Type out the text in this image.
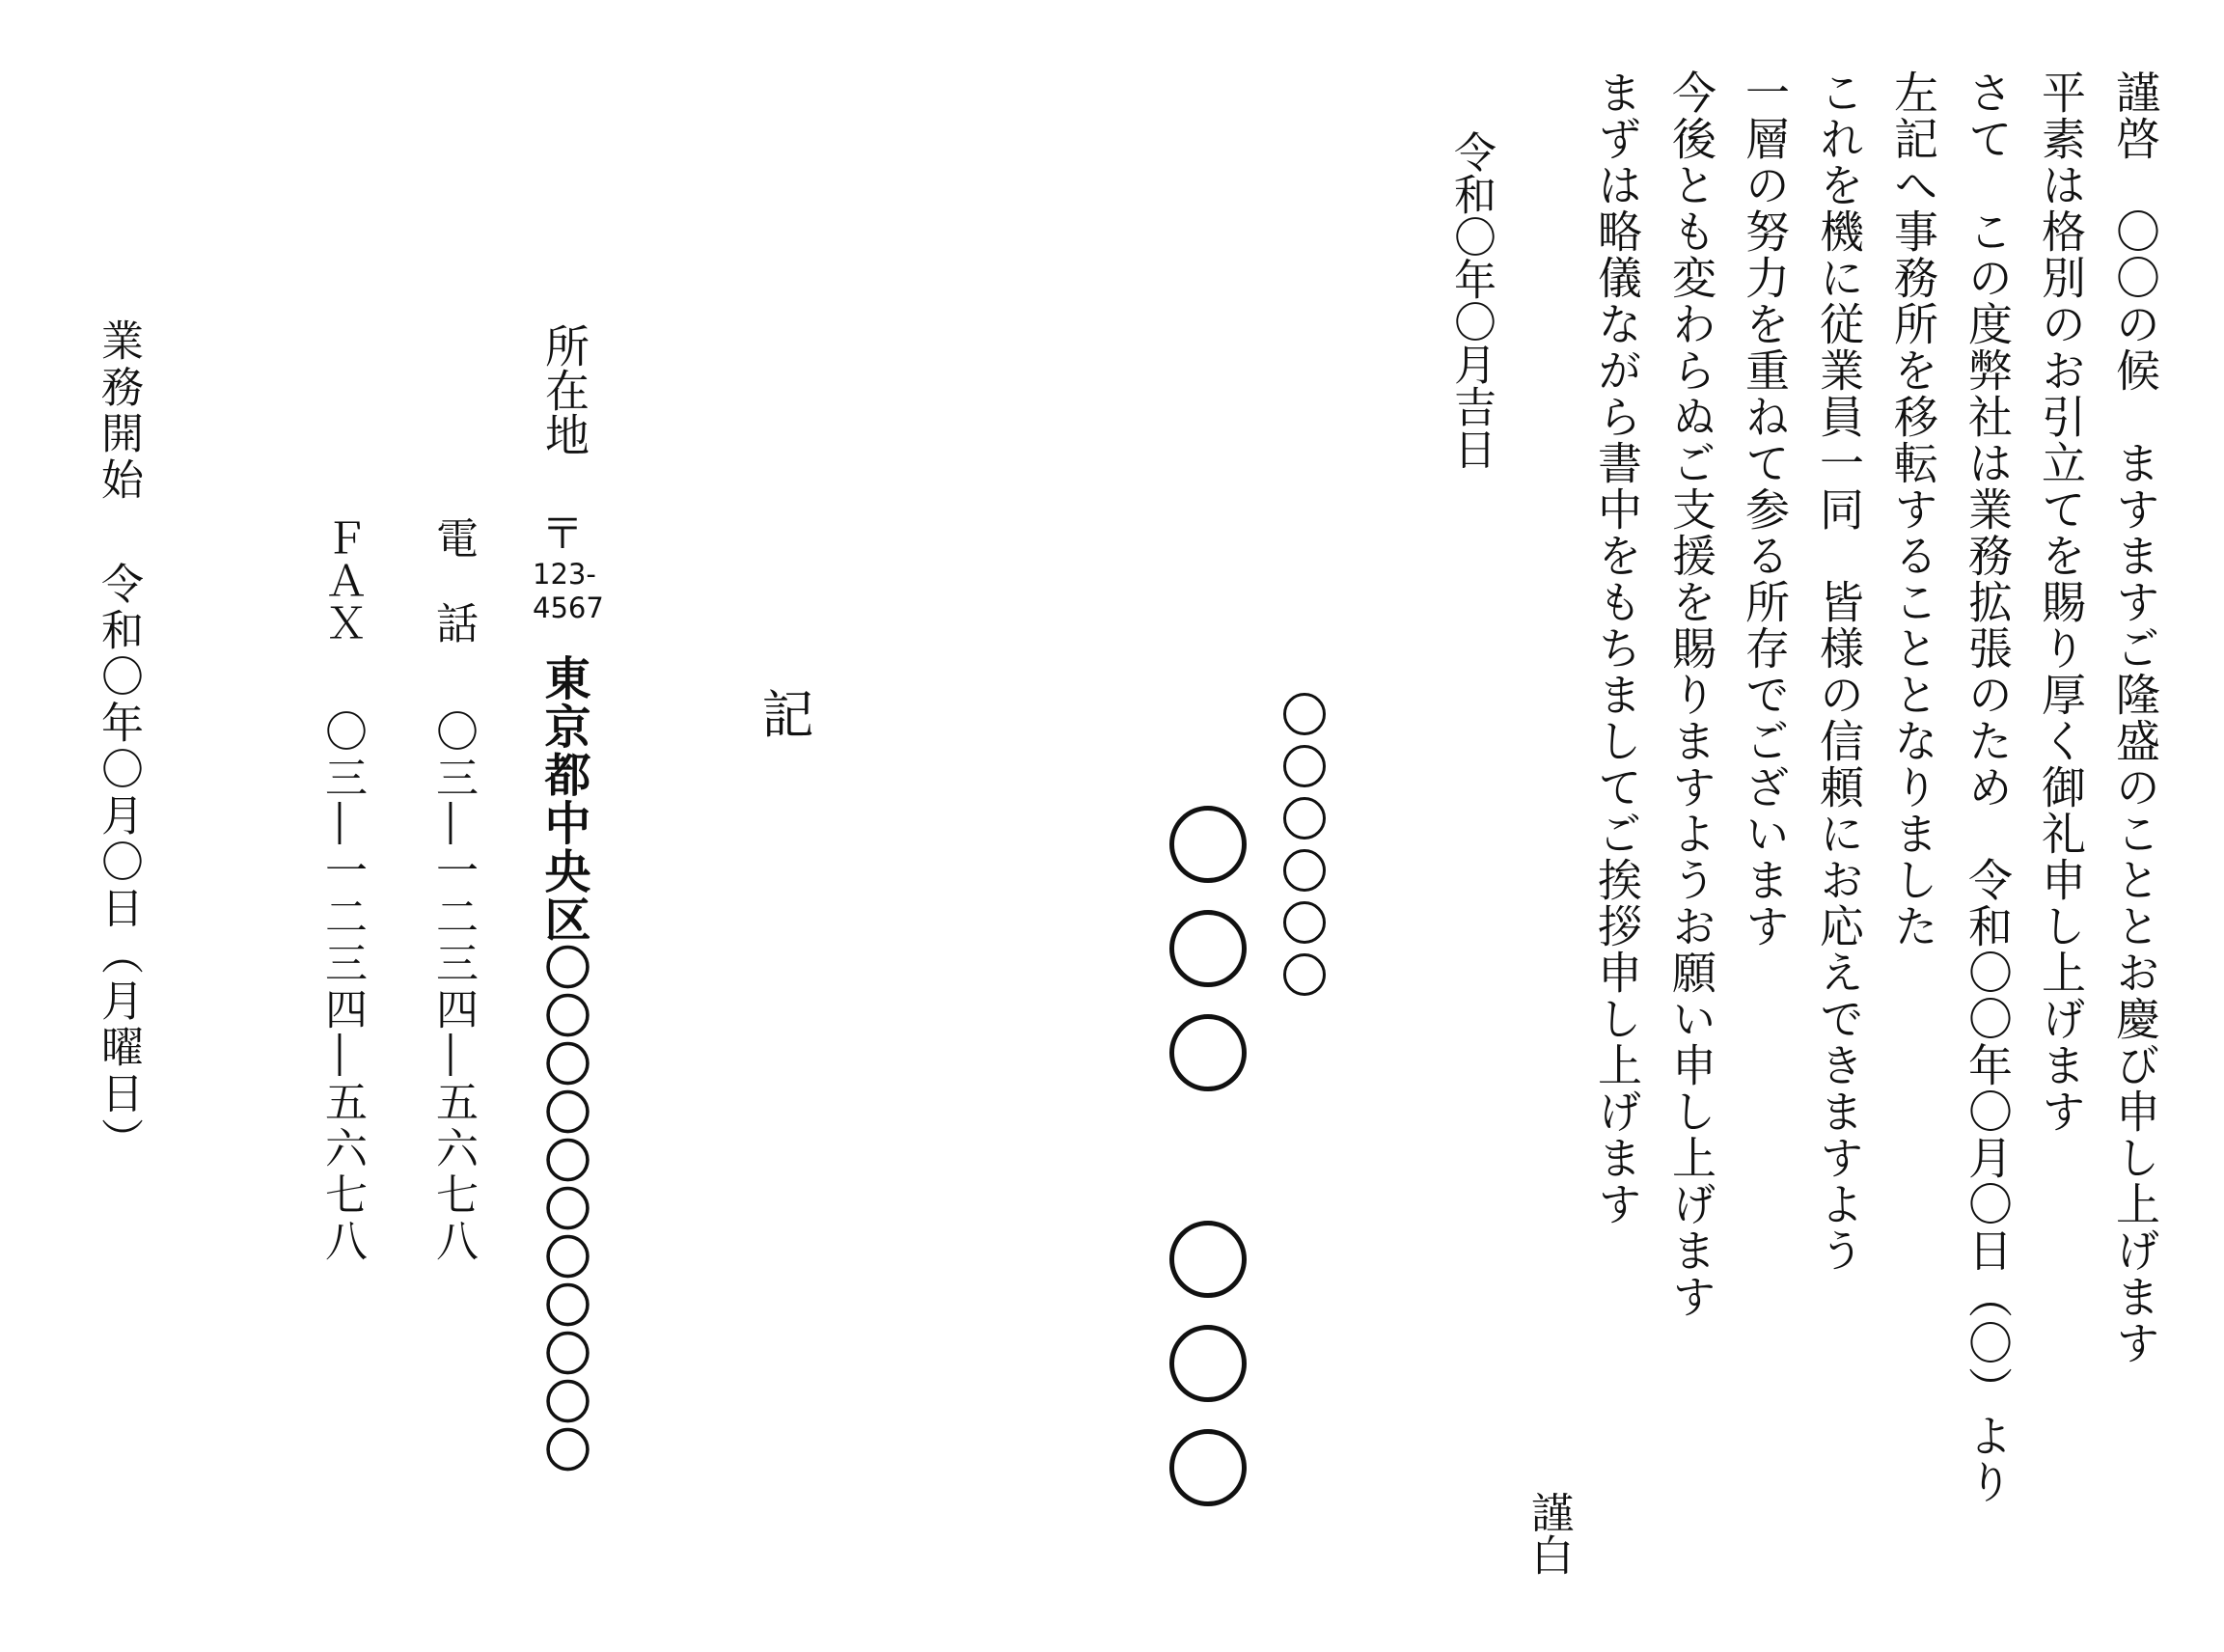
謹啓　〇〇の候　ますますご隆盛のこととお慶び申し上げます
平素は格別のお引立てを賜り厚く御礼申し上げます
さて　この度弊社は業務拡張のため　令和〇〇年〇月〇日（〇）より
左記へ事務所を移転することとなりました
これを機に従業員一同　皆様の信頼にお応えできますよう
一層の努力を重ねて参る所存でございます
今後とも変わらぬご支援を賜りますようお願い申し上げます
まずは略儀ながら書中をもちましてご挨拶申し上げます
謹白
令和〇年〇月吉日
記
所在地
〒
123-4567
東京都中央区〇〇〇〇〇〇〇〇〇〇〇
電　話
〇三―一二三四―五六七八
ＦＡＸ
〇三―一二三四―五六七八
業務開始
令和〇年〇月〇日（月曜日）
